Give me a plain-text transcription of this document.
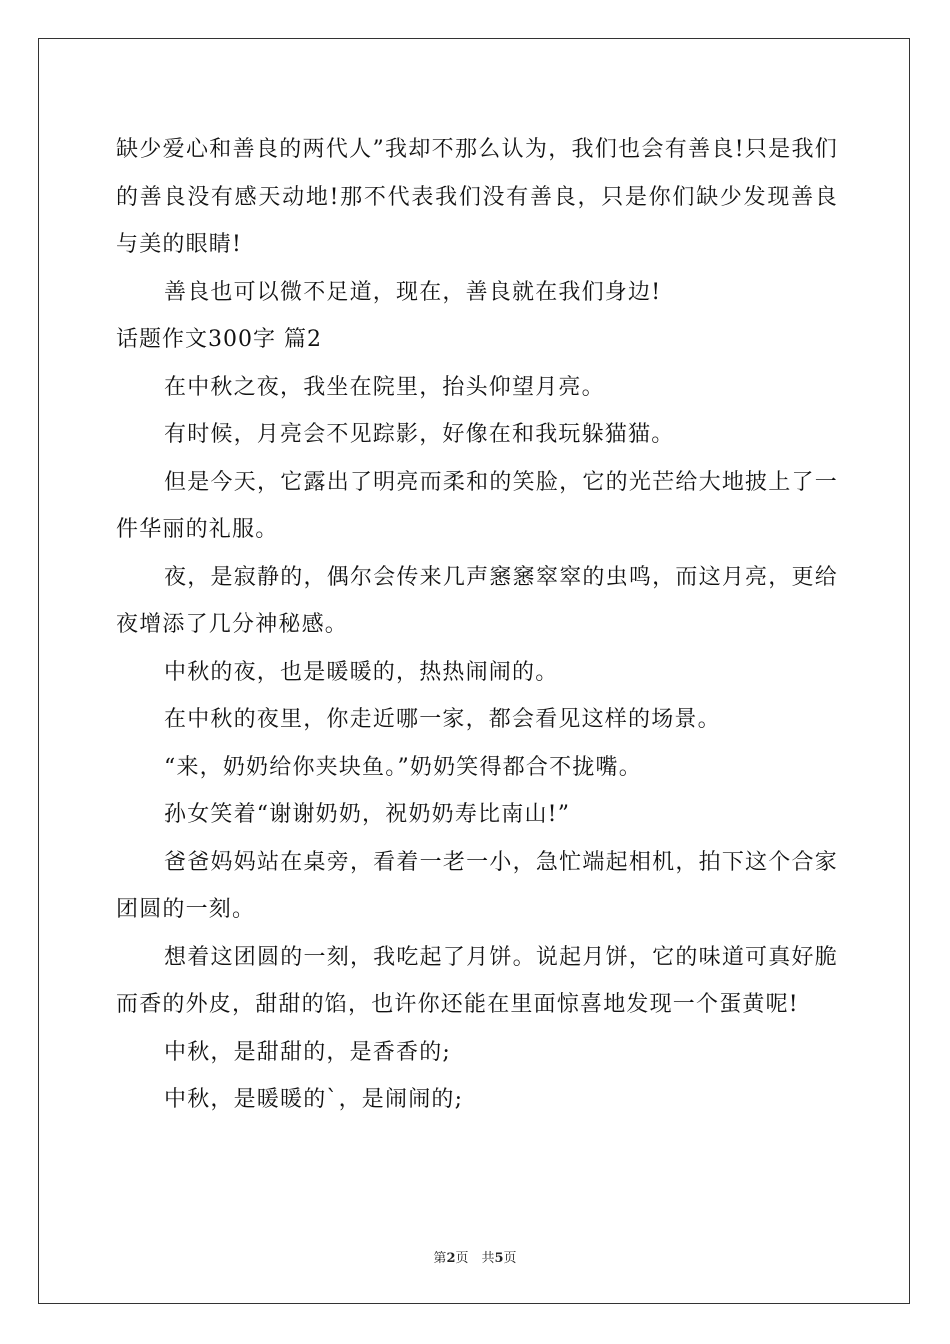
缺少爱心和善良的两代人”我却不那么认为，我们也会有善良!只是我们的善良没有感天动地!那不代表我们没有善良，只是你们缺少发现善良与美的眼睛!

善良也可以微不足道，现在，善良就在我们身边!

话题作文300字 篇2

在中秋之夜，我坐在院里，抬头仰望月亮。

有时候，月亮会不见踪影，好像在和我玩躲猫猫。

但是今天，它露出了明亮而柔和的笑脸，它的光芒给大地披上了一件华丽的礼服。

夜，是寂静的，偶尔会传来几声窸窸窣窣的虫鸣，而这月亮，更给夜增添了几分神秘感。

中秋的夜，也是暖暖的，热热闹闹的。

在中秋的夜里，你走近哪一家，都会看见这样的场景。

“来，奶奶给你夹块鱼。”奶奶笑得都合不拢嘴。

孙女笑着“谢谢奶奶，祝奶奶寿比南山!”

爸爸妈妈站在桌旁，看着一老一小，急忙端起相机，拍下这个合家团圆的一刻。

想着这团圆的一刻，我吃起了月饼。说起月饼，它的味道可真好脆而香的外皮，甜甜的馅，也许你还能在里面惊喜地发现一个蛋黄呢!

中秋，是甜甜的，是香香的;

中秋，是暖暖的`，是闹闹的;

第2页　共5页
